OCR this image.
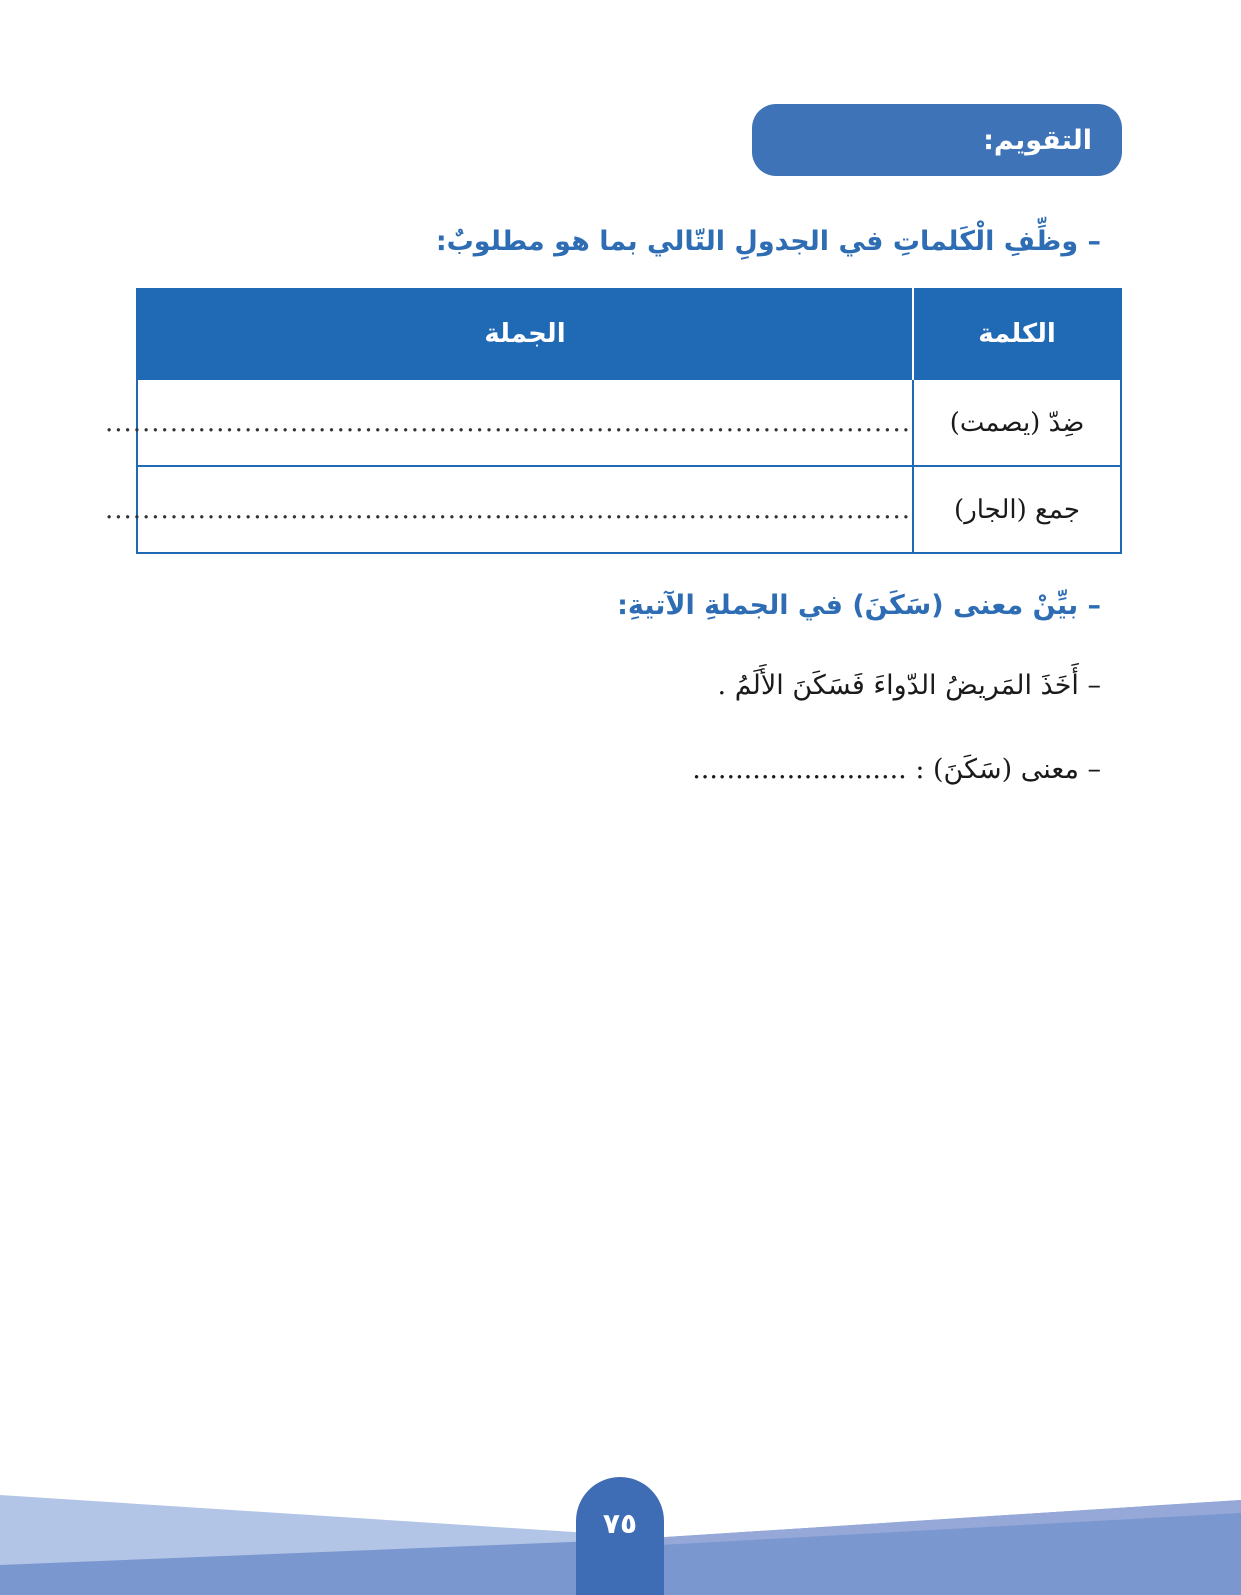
التقويم:
– وظِّفِ الْكَلماتِ في الجدولِ التّالي بما هو مطلوبٌ:
الكلمة	الجملة
ضِدّ (يصمت)	.......................................................................................
جمع (الجار)	.......................................................................................
– بيِّنْ معنى (سَكَنَ) في الجملةِ الآتيةِ:
– أَخَذَ المَريضُ الدّواءَ فَسَكَنَ الأَلَمُ .
– معنى (سَكَنَ) : .........................
٧٥
